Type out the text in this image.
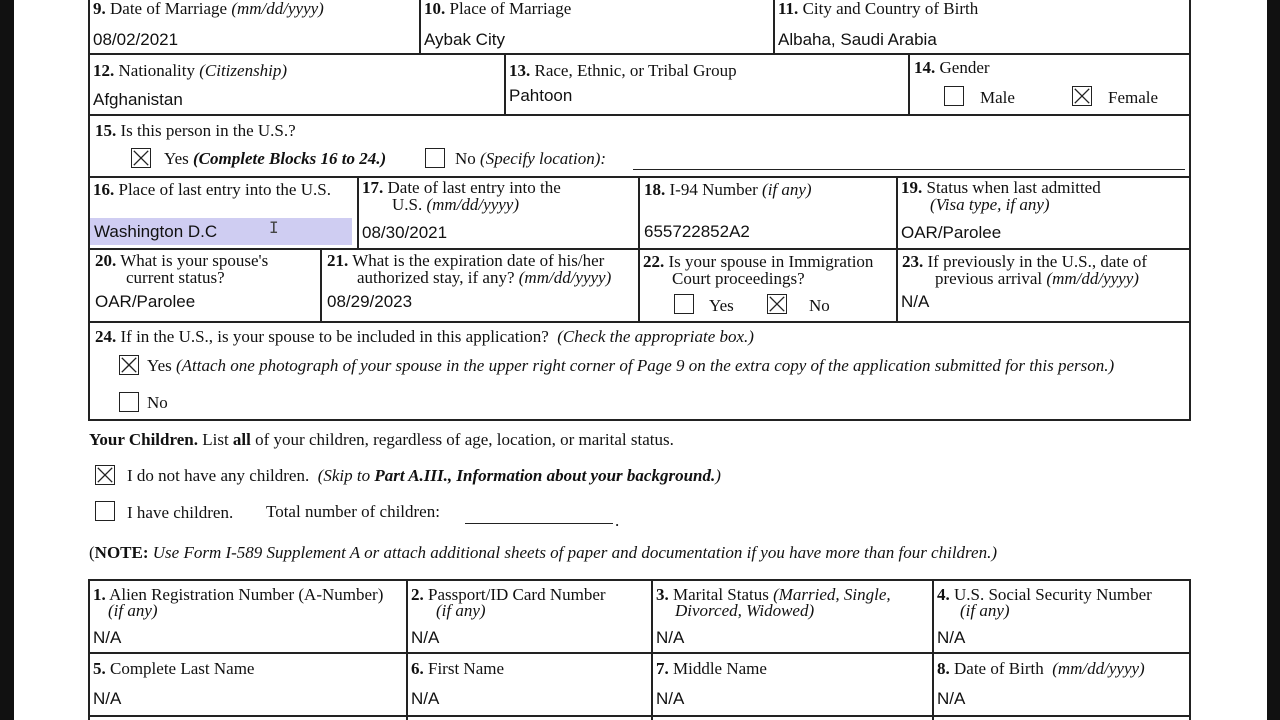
9. Date of Marriage (mm/dd/yyyy)
08/02/2021
10. Place of Marriage
Aybak City
11. City and Country of Birth
Albaha, Saudi Arabia
12. Nationality (Citizenship)
Afghanistan
13. Race, Ethnic, or Tribal Group
Pahtoon
14. Gender
Male	Female
15. Is this person in the U.S.?
Yes (Complete Blocks 16 to 24.)	No (Specify location):
16. Place of last entry into the U.S.
Washington D.C	I
17. Date of last entry into the
U.S. (mm/dd/yyyy)
08/30/2021
18. I-94 Number (if any)
655722852A2
19. Status when last admitted
(Visa type, if any)
OAR/Parolee
20. What is your spouse's
current status?
OAR/Parolee
21. What is the expiration date of his/her
authorized stay, if any? (mm/dd/yyyy)
08/29/2023
22. Is your spouse in Immigration
Court proceedings?
Yes	No
23. If previously in the U.S., date of
previous arrival (mm/dd/yyyy)
N/A
24. If in the U.S., is your spouse to be included in this application? (Check the appropriate box.)
Yes (Attach one photograph of your spouse in the upper right corner of Page 9 on the extra copy of the application submitted for this person.)
No
Your Children. List all of your children, regardless of age, location, or marital status.
I do not have any children. (Skip to Part A.III., Information about your background.)
I have children. Total number of children:	.
(NOTE: Use Form I-589 Supplement A or attach additional sheets of paper and documentation if you have more than four children.)
1. Alien Registration Number (A-Number)
(if any)
N/A
2. Passport/ID Card Number
(if any)
N/A
3. Marital Status (Married, Single,
Divorced, Widowed)
N/A
4. U.S. Social Security Number
(if any)
N/A
5. Complete Last Name
N/A
6. First Name
N/A
7. Middle Name
N/A
8. Date of Birth (mm/dd/yyyy)
N/A
